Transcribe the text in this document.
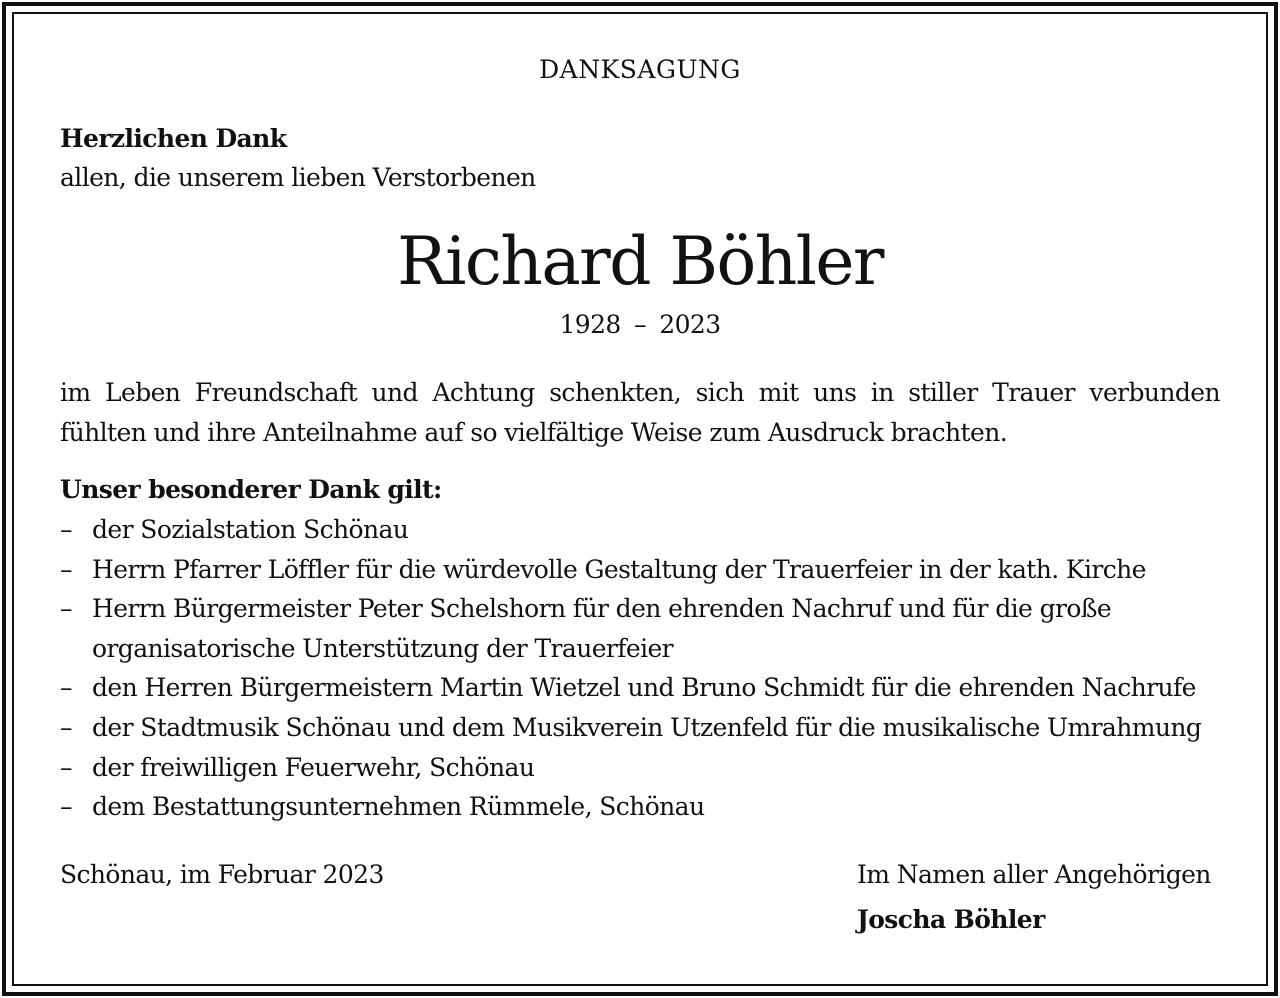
DANKSAGUNG
Herzlichen Dank
allen, die unserem lieben Verstorbenen
Richard Böhler
1928 – 2023
im Leben Freundschaft und Achtung schenkten, sich mit uns in stiller Trauer verbunden
fühlten und ihre Anteilnahme auf so vielfältige Weise zum Ausdruck brachten.
Unser besonderer Dank gilt:
– der Sozialstation Schönau
– Herrn Pfarrer Löffler für die würdevolle Gestaltung der Trauerfeier in der kath. Kirche
– Herrn Bürgermeister Peter Schelshorn für den ehrenden Nachruf und für die große
organisatorische Unterstützung der Trauerfeier
– den Herren Bürgermeistern Martin Wietzel und Bruno Schmidt für die ehrenden Nachrufe
– der Stadtmusik Schönau und dem Musikverein Utzenfeld für die musikalische Umrahmung
– der freiwilligen Feuerwehr, Schönau
– dem Bestattungsunternehmen Rümmele, Schönau
Schönau, im Februar 2023	Im Namen aller Angehörigen
Joscha Böhler
